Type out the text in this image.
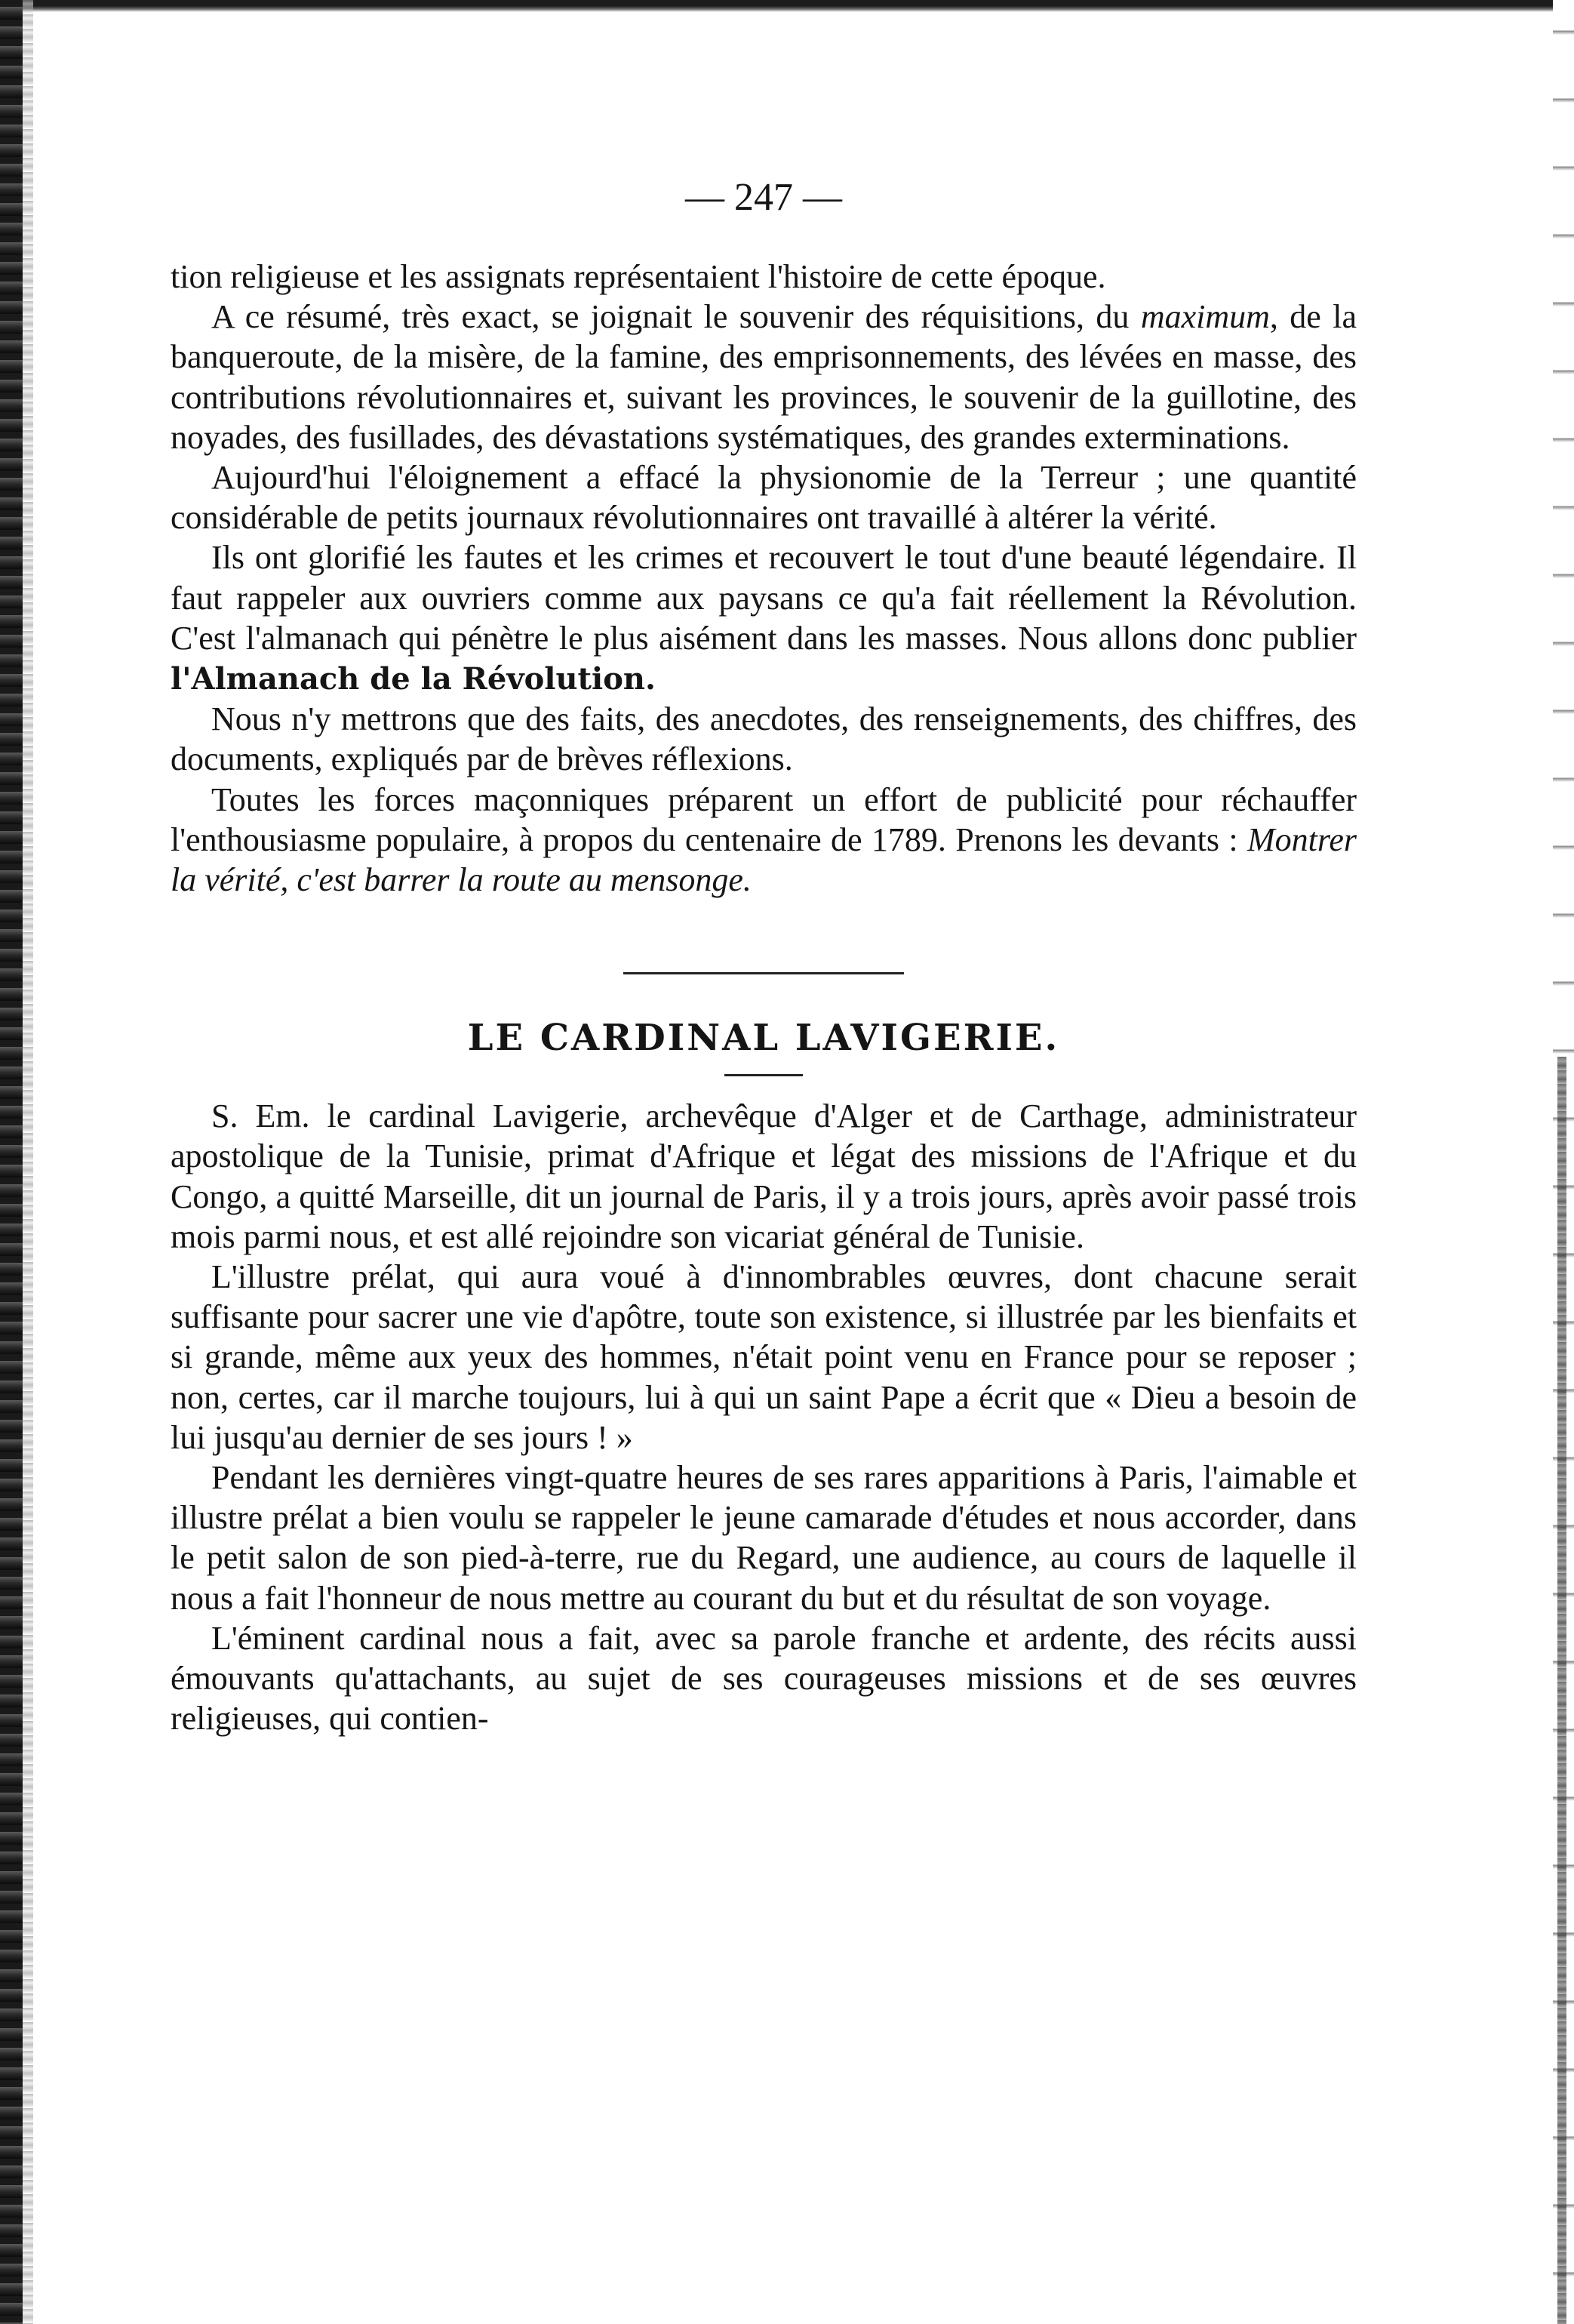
— 247 —

tion religieuse et les assignats représentaient l'histoire de cette époque.

A ce résumé, très exact, se joignait le souvenir des réquisitions, du maximum, de la banqueroute, de la misère, de la famine, des emprisonnements, des lévées en masse, des contributions révolutionnaires et, suivant les provinces, le souvenir de la guillotine, des noyades, des fusillades, des dévastations systématiques, des grandes exterminations.

Aujourd'hui l'éloignement a effacé la physionomie de la Terreur ; une quantité considérable de petits journaux révolutionnaires ont travaillé à altérer la vérité.

Ils ont glorifié les fautes et les crimes et recouvert le tout d'une beauté légendaire. Il faut rappeler aux ouvriers comme aux paysans ce qu'a fait réellement la Révolution. C'est l'almanach qui pénètre le plus aisément dans les masses. Nous allons donc publier l'Almanach de la Révolution.

Nous n'y mettrons que des faits, des anecdotes, des renseignements, des chiffres, des documents, expliqués par de brèves réflexions.

Toutes les forces maçonniques préparent un effort de publicité pour réchauffer l'enthousiasme populaire, à propos du centenaire de 1789. Prenons les devants : Montrer la vérité, c'est barrer la route au mensonge.

LE CARDINAL LAVIGERIE.

S. Em. le cardinal Lavigerie, archevêque d'Alger et de Carthage, administrateur apostolique de la Tunisie, primat d'Afrique et légat des missions de l'Afrique et du Congo, a quitté Marseille, dit un journal de Paris, il y a trois jours, après avoir passé trois mois parmi nous, et est allé rejoindre son vicariat général de Tunisie.

L'illustre prélat, qui aura voué à d'innombrables œuvres, dont chacune serait suffisante pour sacrer une vie d'apôtre, toute son existence, si illustrée par les bienfaits et si grande, même aux yeux des hommes, n'était point venu en France pour se reposer ; non, certes, car il marche toujours, lui à qui un saint Pape a écrit que « Dieu a besoin de lui jusqu'au dernier de ses jours ! »

Pendant les dernières vingt-quatre heures de ses rares apparitions à Paris, l'aimable et illustre prélat a bien voulu se rappeler le jeune camarade d'études et nous accorder, dans le petit salon de son pied-à-terre, rue du Regard, une audience, au cours de laquelle il nous a fait l'honneur de nous mettre au courant du but et du résultat de son voyage.

L'éminent cardinal nous a fait, avec sa parole franche et ardente, des récits aussi émouvants qu'attachants, au sujet de ses courageuses missions et de ses œuvres religieuses, qui contien-
